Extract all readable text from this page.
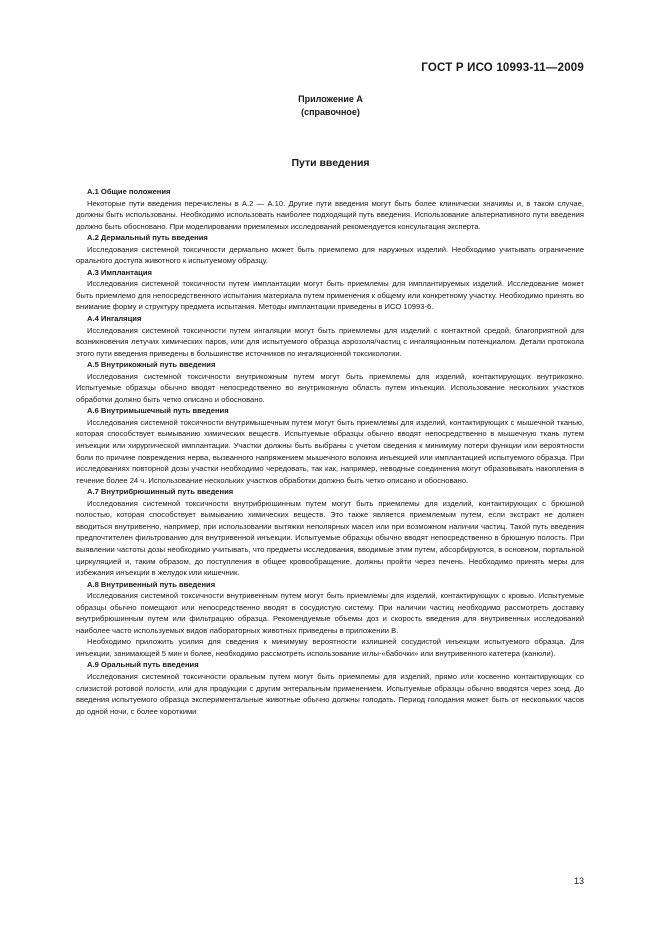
ГОСТ Р ИСО 10993-11—2009
Приложение А
(справочное)
Пути введения
А.1 Общие положения

Некоторые пути введения перечислены в А.2 — А.10. Другие пути введения могут быть более клинически значимы и, в таком случае, должны быть использованы. Необходимо использовать наиболее подходящий путь введения. Использование альтернативного пути введения должно быть обосновано. При моделировании приемлемых исследований рекомендуется консультация эксперта.

А.2 Дермальный путь введения

Исследования системной токсичности дермально может быть приемлемо для наружных изделий. Необходимо учитывать ограничение орального доступа животного к испытуемому образцу.

А.3 Имплантация

Исследования системной токсичности путем имплантации могут быть приемлемы для имплантируемых изделий. Исследование может быть приемлемо для непосредственного испытания материала путем применения к общему или конкретному участку. Необходимо принять во внимание форму и структуру предмета испытания. Методы имплантации приведены в ИСО 10993-6.

А.4 Ингаляция

Исследования системной токсичности путем ингаляции могут быть приемлемы для изделий с контактной средой, благоприятной для возникновения летучих химических паров, или для испытуемого образца аэрозоля/частиц с ингаляционным потенциалом. Детали протокола этого пути введения приведены в большинстве источников по ингаляционной токсикологии.

А.5 Внутрикожный путь введения

Исследования системной токсичности внутрикожным путем могут быть приемлемы для изделий, контактирующих внутрикожно. Испытуемые образцы обычно вводят непосредственно во внутрикожную область путем инъекции. Использование нескольких участков обработки должно быть четко описано и обосновано.

А.6 Внутримышечный путь введения

Исследования системной токсичности внутримышечным путем могут быть приемлемы для изделий, контактирующих с мышечной тканью, которая способствует вымыванию химических веществ. Испытуемые образцы обычно вводят непосредственно в мышечную ткань путем инъекции или хирургической имплантации. Участки должны быть выбраны с учетом сведения к минимуму потери функции или вероятности боли по причине повреждения нерва, вызванного напряжением мышечного волокна инъекцией или имплантацией испытуемого образца. При исследованиях повторной дозы участки необходимо чередовать, так как, например, неводные соединения могут образовывать накопления в течение более 24 ч. Использование нескольких участков обработки должно быть четко описано и обосновано.

А.7 Внутрибрюшинный путь введения

Исследования системной токсичности внутрибрюшинным путем могут быть приемлемы для изделий, контактирующих с брюшной полостью, которая способствует вымыванию химических веществ. Это также является приемлемым путем, если экстракт не должен вводиться внутривенно, например, при использовании вытяжки неполярных масел или при возможном наличии частиц. Такой путь введения предпочтителен фильтрованию для внутривенной инъекции. Испытуемые образцы обычно вводят непосредственно в брюшную полость. При выявлении частоты дозы необходимо учитывать, что предметы исследования, вводимые этим путем, абсорбируются, в основном, портальной циркуляцией и, таким образом, до поступления в общее кровообращение, должны пройти через печень. Необходимо принять меры для избежания инъекции в желудок или кишечник.

А.8 Внутривенный путь введения

Исследования системной токсичности внутривенным путем могут быть приемлемы для изделий, контактирующих с кровью. Испытуемые образцы обычно помещают или непосредственно вводят в сосудистую систему. При наличии частиц необходимо рассмотреть доставку внутрибрюшинным путем или фильтрацию образца. Рекомендуемые объемы доз и скорость введения для внутривенных исследований наиболее часто используемых видов лабораторных животных приведены в приложении В.

Необходимо приложить усилия для сведения к минимуму вероятности излишней сосудистой инъекции испытуемого образца. Для инъекции, занимающей 5 мин и более, необходимо рассмотреть использование иглы-«бабочки» или внутривенного катетера (канюли).

А.9 Оральный путь введения

Исследования системной токсичности оральным путем могут быть приемлемы для изделий, прямо или косвенно контактирующих со слизистой ротовой полости, или для продукции с другим энтеральным применением. Испытуемые образцы обычно вводятся через зонд. До введения испытуемого образца экспериментальные животные обычно должны голодать. Период голодания может быть от нескольких часов до одной ночи, с более короткими

13
